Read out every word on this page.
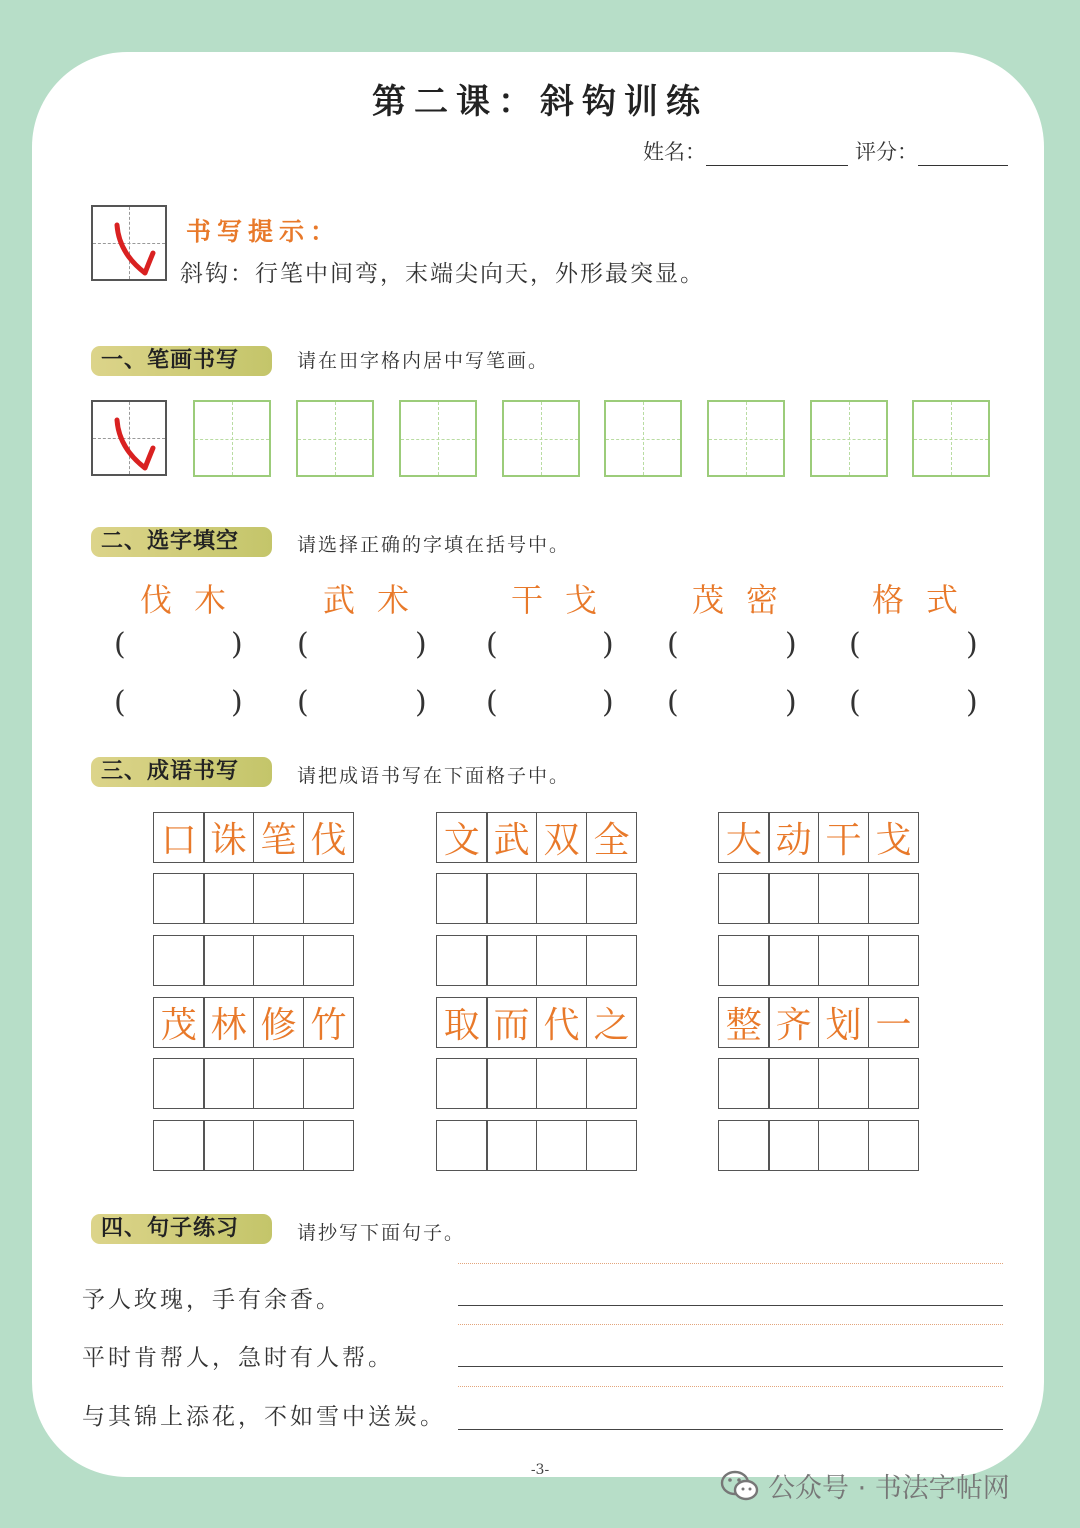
第二课：斜钩训练
姓名：	评分：
书写提示：
斜钩：行笔中间弯，末端尖向天，外形最突显。
一、笔画书写	请在田字格内居中写笔画。
二、选字填空	请选择正确的字填在括号中。
伐木 武术 干戈 茂密 格式
(	) (	) (	) (	) (	)
(	) (	) (	) (	) (	)
三、成语书写	请把成语书写在下面格子中。
口 诛 笔 伐	文 武 双 全	大 动 干 戈
茂 林 修 竹	取 而 代 之	整 齐 划 一
四、句子练习	请抄写下面句子。
予人玫瑰，手有余香。
平时肯帮人，急时有人帮。
与其锦上添花，不如雪中送炭。
-3-
公众号 · 书法字帖网
